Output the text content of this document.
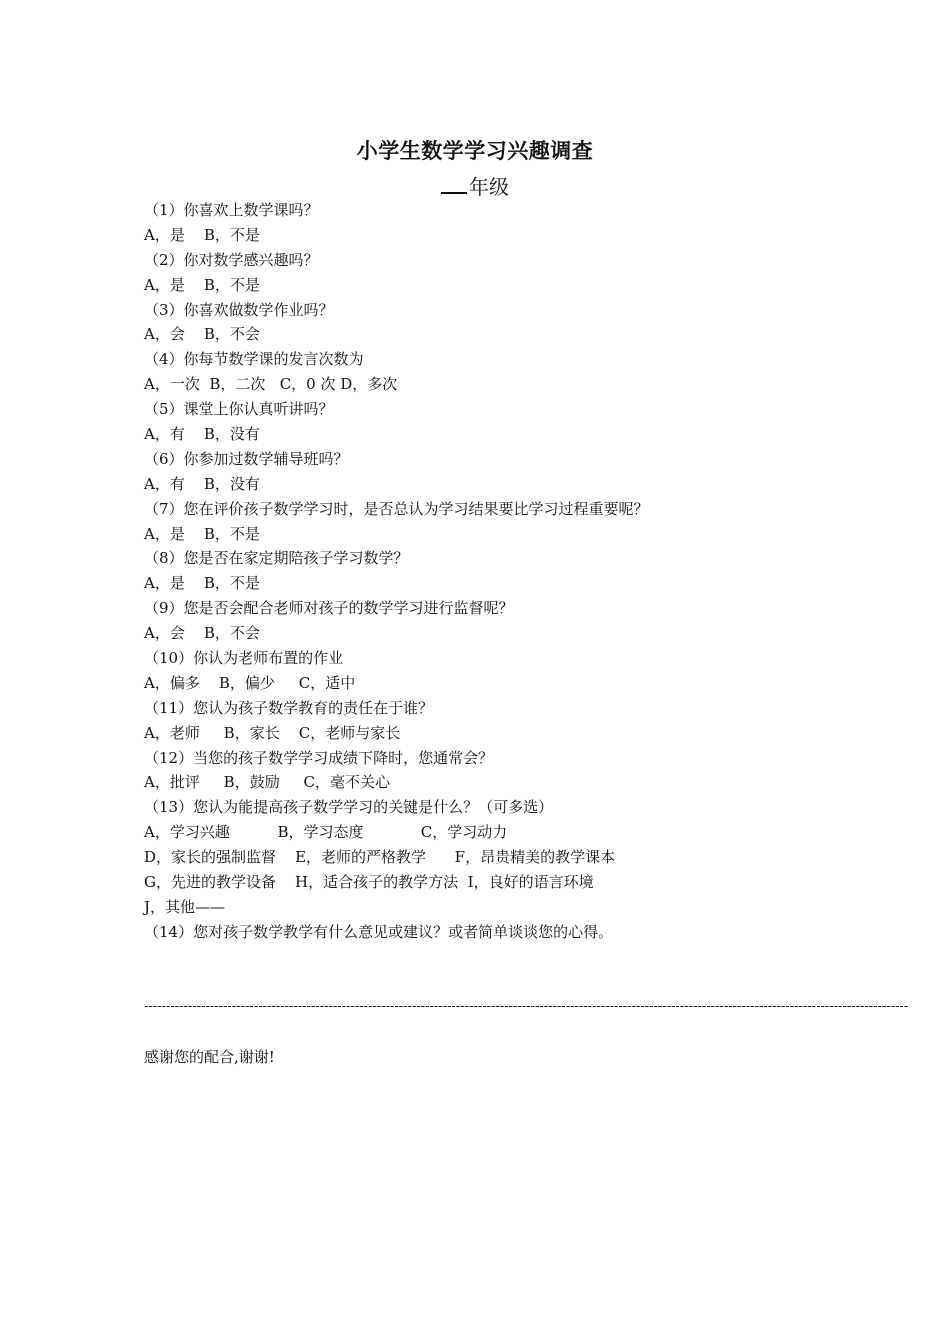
小学生数学学习兴趣调查
年级
（1）你喜欢上数学课吗？
A，是    B，不是
（2）你对数学感兴趣吗？
A，是    B，不是
（3）你喜欢做数学作业吗？
A，会    B，不会
（4）你每节数学课的发言次数为
A，一次  B，二次   C，0 次 D，多次
（5）课堂上你认真听讲吗？
A，有    B，没有
（6）你参加过数学辅导班吗？
A，有    B，没有
（7）您在评价孩子数学学习时，是否总认为学习结果要比学习过程重要呢？
A，是    B，不是
（8）您是否在家定期陪孩子学习数学？
A，是    B，不是
（9）您是否会配合老师对孩子的数学学习进行监督呢？
A，会    B，不会
（10）你认为老师布置的作业
A，偏多    B，偏少     C，适中
（11）您认为孩子数学教育的责任在于谁？
A，老师     B，家长    C，老师与家长
（12）当您的孩子数学学习成绩下降时，您通常会？
A，批评     B，鼓励     C，毫不关心
（13）您认为能提高孩子数学学习的关键是什么？（可多选）
A，学习兴趣          B，学习态度            C，学习动力
D，家长的强制监督    E，老师的严格教学      F，昂贵精美的教学课本
G，先进的教学设备    H，适合孩子的教学方法  I，良好的语言环境
J，其他——
（14）您对孩子数学教学有什么意见或建议？或者简单谈谈您的心得。
------------------------------------------------------------------------------------------------------------------------------------------------------------------------------
感谢您的配合,谢谢!
